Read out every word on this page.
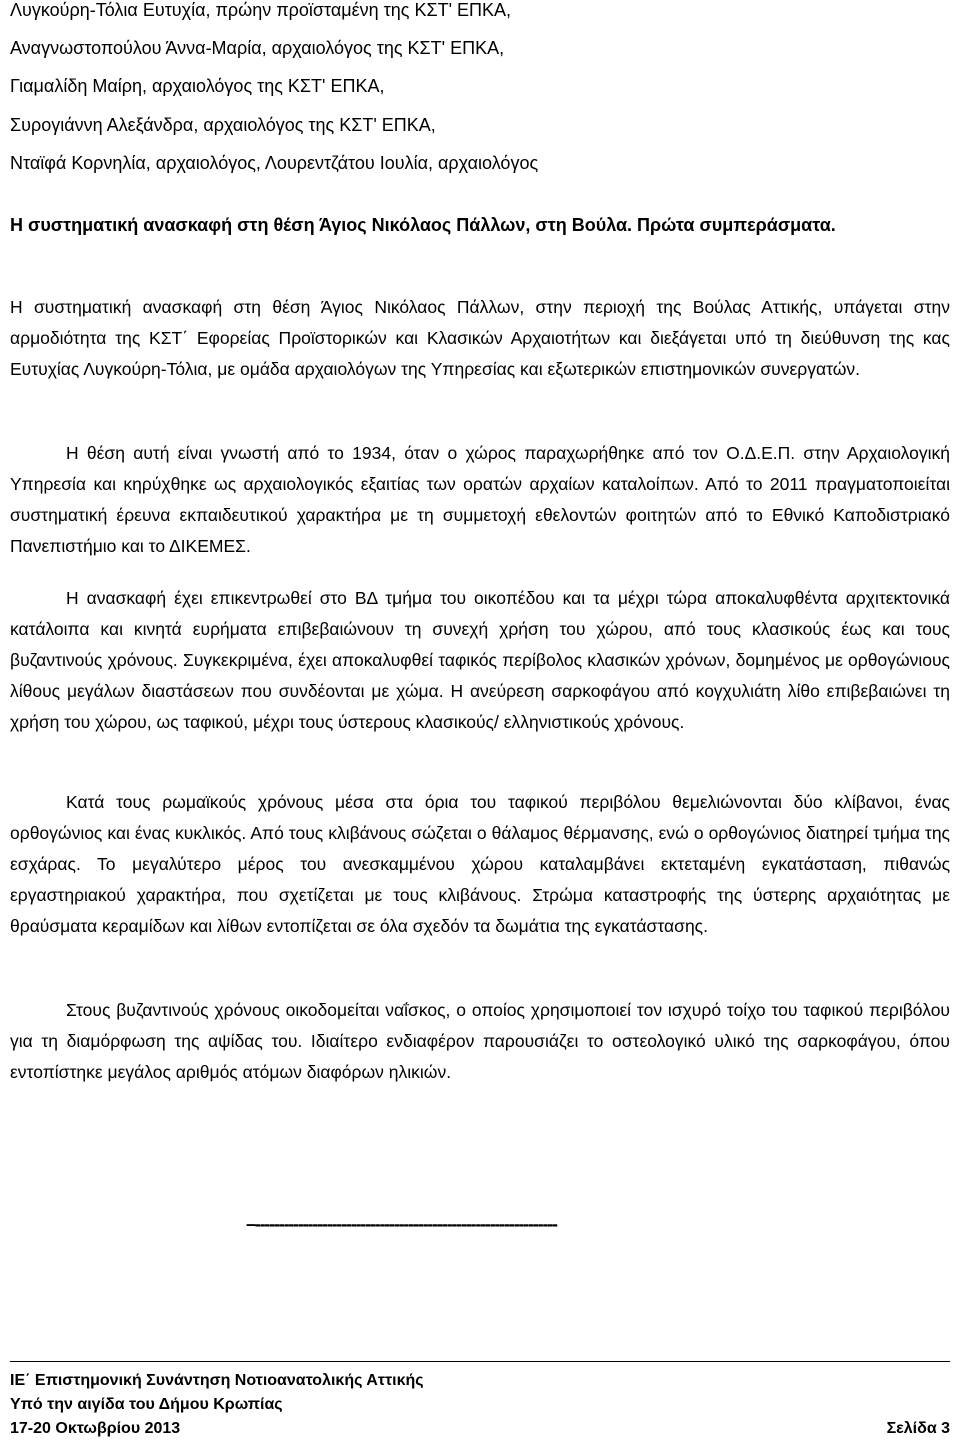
Λυγκούρη-Τόλια Ευτυχία, πρώην προϊσταμένη της ΚΣΤ' ΕΠΚΑ,
Αναγνωστοπούλου Άννα-Μαρία, αρχαιολόγος της ΚΣΤ' ΕΠΚΑ,
Γιαμαλίδη Μαίρη, αρχαιολόγος της ΚΣΤ' ΕΠΚΑ,
Συρογιάννη Αλεξάνδρα, αρχαιολόγος της ΚΣΤ' ΕΠΚΑ,
Νταϊφά Κορνηλία, αρχαιολόγος, Λουρεντζάτου Ιουλία, αρχαιολόγος
Η συστηματική ανασκαφή στη θέση Άγιος Νικόλαος Πάλλων, στη Βούλα. Πρώτα συμπεράσματα.
Η συστηματική ανασκαφή στη θέση Άγιος Νικόλαος Πάλλων, στην περιοχή της Βούλας Αττικής, υπάγεται στην αρμοδιότητα της ΚΣΤ΄ Εφορείας Προϊστορικών και Κλασικών Αρχαιοτήτων και διεξάγεται υπό τη διεύθυνση της κας Ευτυχίας Λυγκούρη-Τόλια, με ομάδα αρχαιολόγων της Υπηρεσίας και εξωτερικών επιστημονικών συνεργατών.
Η θέση αυτή είναι γνωστή από το 1934, όταν ο χώρος παραχωρήθηκε από τον Ο.Δ.Ε.Π. στην Αρχαιολογική Υπηρεσία και κηρύχθηκε ως αρχαιολογικός εξαιτίας των ορατών αρχαίων καταλοίπων. Από το 2011 πραγματοποιείται συστηματική έρευνα εκπαιδευτικού χαρακτήρα με τη συμμετοχή εθελοντών φοιτητών από το Εθνικό Καποδιστριακό Πανεπιστήμιο και το ΔΙΚΕΜΕΣ.
Η ανασκαφή έχει επικεντρωθεί στο ΒΔ τμήμα του οικοπέδου και τα μέχρι τώρα αποκαλυφθέντα αρχιτεκτονικά κατάλοιπα και κινητά ευρήματα επιβεβαιώνουν τη συνεχή χρήση του χώρου, από τους κλασικούς έως και τους βυζαντινούς χρόνους. Συγκεκριμένα, έχει αποκαλυφθεί ταφικός περίβολος κλασικών χρόνων, δομημένος με ορθογώνιους λίθους μεγάλων διαστάσεων που συνδέονται με χώμα. Η ανεύρεση σαρκοφάγου από κογχυλιάτη λίθο επιβεβαιώνει τη χρήση του χώρου, ως ταφικού, μέχρι τους ύστερους κλασικούς/ ελληνιστικούς χρόνους.
Κατά τους ρωμαϊκούς χρόνους μέσα στα όρια του ταφικού περιβόλου θεμελιώνονται δύο κλίβανοι, ένας ορθογώνιος και ένας κυκλικός. Από τους κλιβάνους σώζεται ο θάλαμος θέρμανσης, ενώ ο ορθογώνιος διατηρεί τμήμα της εσχάρας. Το μεγαλύτερο μέρος του ανεσκαμμένου χώρου καταλαμβάνει εκτεταμένη εγκατάσταση, πιθανώς εργαστηριακού χαρακτήρα, που σχετίζεται με τους κλιβάνους. Στρώμα καταστροφής της ύστερης αρχαιότητας με θραύσματα κεραμίδων και λίθων εντοπίζεται σε όλα σχεδόν τα δωμάτια της εγκατάστασης.
Στους βυζαντινούς χρόνους οικοδομείται ναΐσκος, ο οποίος χρησιμοποιεί τον ισχυρό τοίχο του ταφικού περιβόλου για τη διαμόρφωση της αψίδας του. Ιδιαίτερο ενδιαφέρον παρουσιάζει το οστεολογικό υλικό της σαρκοφάγου, όπου εντοπίστηκε μεγάλος αριθμός ατόμων διαφόρων ηλικιών.
–---------------------------------------------------------------
ΙΕ΄ Επιστημονική Συνάντηση Νοτιοανατολικής Αττικής
Υπό την αιγίδα του Δήμου Κρωπίας
17-20 Οκτωβρίου 2013	Σελίδα 3
